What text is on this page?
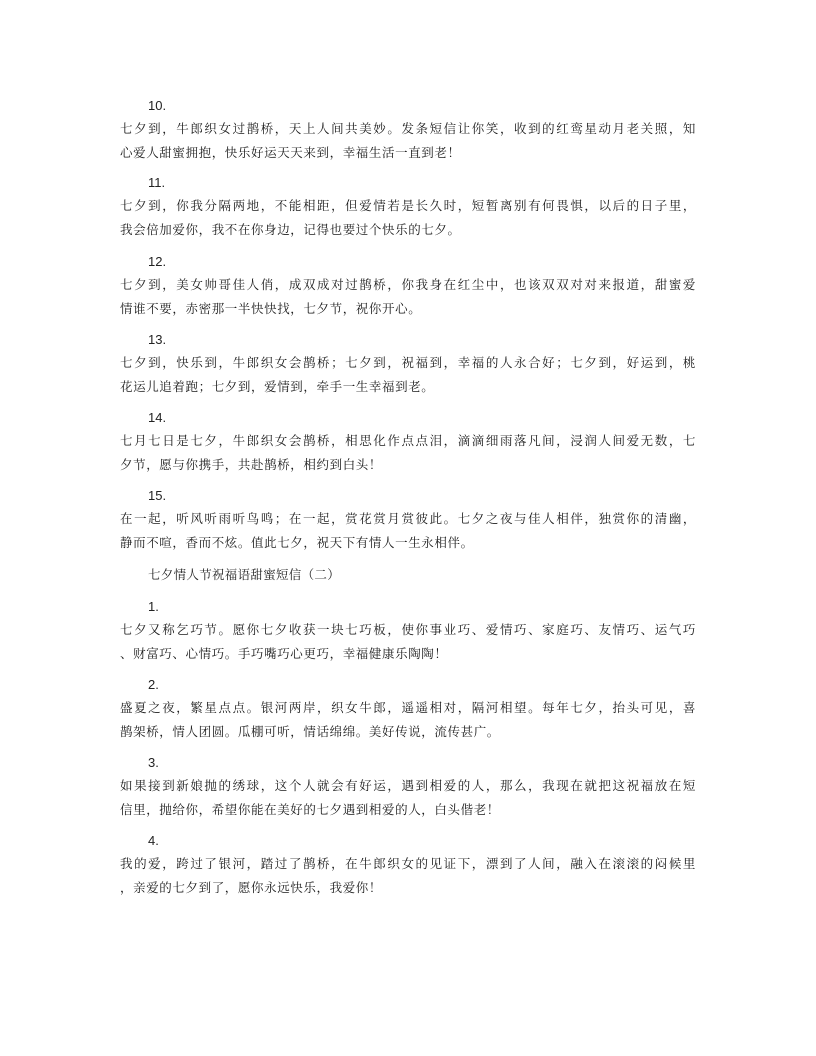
10.
七夕到，牛郎织女过鹊桥，天上人间共美妙。发条短信让你笑，收到的红鸾星动月老关照，知
心爱人甜蜜拥抱，快乐好运天天来到，幸福生活一直到老！
11.
七夕到，你我分隔两地，不能相距，但爱情若是长久时，短暂离别有何畏惧，以后的日子里，
我会倍加爱你，我不在你身边，记得也要过个快乐的七夕。
12.
七夕到，美女帅哥佳人俏，成双成对过鹊桥，你我身在红尘中，也该双双对对来报道，甜蜜爱
情谁不要，赤密那一半快快找，七夕节，祝你开心。
13.
七夕到，快乐到，牛郎织女会鹊桥；七夕到，祝福到，幸福的人永合好；七夕到，好运到，桃
花运儿追着跑；七夕到，爱情到，牵手一生幸福到老。
14.
七月七日是七夕，牛郎织女会鹊桥，相思化作点点泪，滴滴细雨落凡间，浸润人间爱无数，七
夕节，愿与你携手，共赴鹊桥，相约到白头！
15.
在一起，听风听雨听鸟鸣；在一起，赏花赏月赏彼此。七夕之夜与佳人相伴，独赏你的清幽，
静而不喧，香而不炫。值此七夕，祝天下有情人一生永相伴。
七夕情人节祝福语甜蜜短信（二）
1.
七夕又称乞巧节。愿你七夕收获一块七巧板，使你事业巧、爱情巧、家庭巧、友情巧、运气巧
、财富巧、心情巧。手巧嘴巧心更巧，幸福健康乐陶陶！
2.
盛夏之夜，繁星点点。银河两岸，织女牛郎，遥遥相对，隔河相望。每年七夕，抬头可见，喜
鹊架桥，情人团圆。瓜棚可听，情话绵绵。美好传说，流传甚广。
3.
如果接到新娘抛的绣球，这个人就会有好运，遇到相爱的人，那么，我现在就把这祝福放在短
信里，抛给你，希望你能在美好的七夕遇到相爱的人，白头偕老！
4.
我的爱，跨过了银河，踏过了鹊桥，在牛郎织女的见证下，漂到了人间，融入在滚滚的闷候里
，亲爱的七夕到了，愿你永远快乐，我爱你！
